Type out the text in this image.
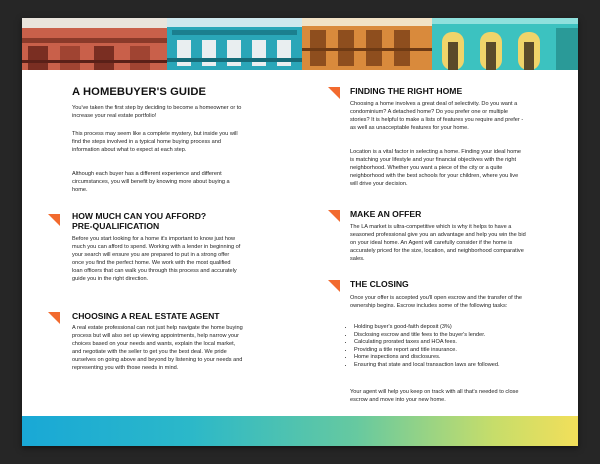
A HOMEBUYER'S GUIDE

You've taken the first step by deciding to become a homeowner or to increase your real estate portfolio!

This process may seem like a complete mystery, but inside you will find the steps involved in a typical home buying process and information about what to expect at each step.

Although each buyer has a different experience and different circumstances, you will benefit by knowing more about buying a home.

HOW MUCH CAN YOU AFFORD?
PRE-QUALIFICATION

Before you start looking for a home it's important to know just how much you can afford to spend. Working with a lender in beginning of your search will ensure you are prepared to put in a strong offer once you find the perfect home. We work with the most qualified loan officers that can walk you through this process and accurately guide you in the right direction.

CHOOSING A REAL ESTATE AGENT

A real estate professional can not just help navigate the home buying process but will also set up viewing appointments, help narrow your choices based on your needs and wants, explain the local market, and negotiate with the seller to get you the best deal. We pride ourselves on going above and beyond by listening to your needs and representing you with those needs in mind.

FINDING THE RIGHT HOME

Choosing a home involves a great deal of selectivity. Do you want a condominium? A detached home? Do you prefer one or multiple stories? It is helpful to make a lists of features you require and prefer - as well as unacceptable features for your home.

Location is a vital factor in selecting a home. Finding your ideal home is matching your lifestyle and your financial objectives with the right neighborhood. Whether you want a piece of the city or a quite neighborhood with the best schools for your children, where you live will drive your decision.

MAKE AN OFFER

The LA market is ultra-competitive which is why it helps to have a seasoned professional give you an advantage and help you win the bid on your ideal home. An Agent will carefully consider if the home is accurately priced for the size, location, and neighborhood comparative sales.

THE CLOSING

Once your offer is accepted you'll open escrow and the transfer of the ownership begins. Escrow includes some of the following tasks:

• Holding buyer's good-faith deposit (3%)
• Disclosing escrow and title fees to the buyer's lender.
• Calculating prorated taxes and HOA fees.
• Providing a title report and title insurance.
• Home inspections and disclosures.
• Ensuring that state and local transaction laws are followed.

Your agent will help you keep on track with all that's needed to close escrow and move into your new home.
